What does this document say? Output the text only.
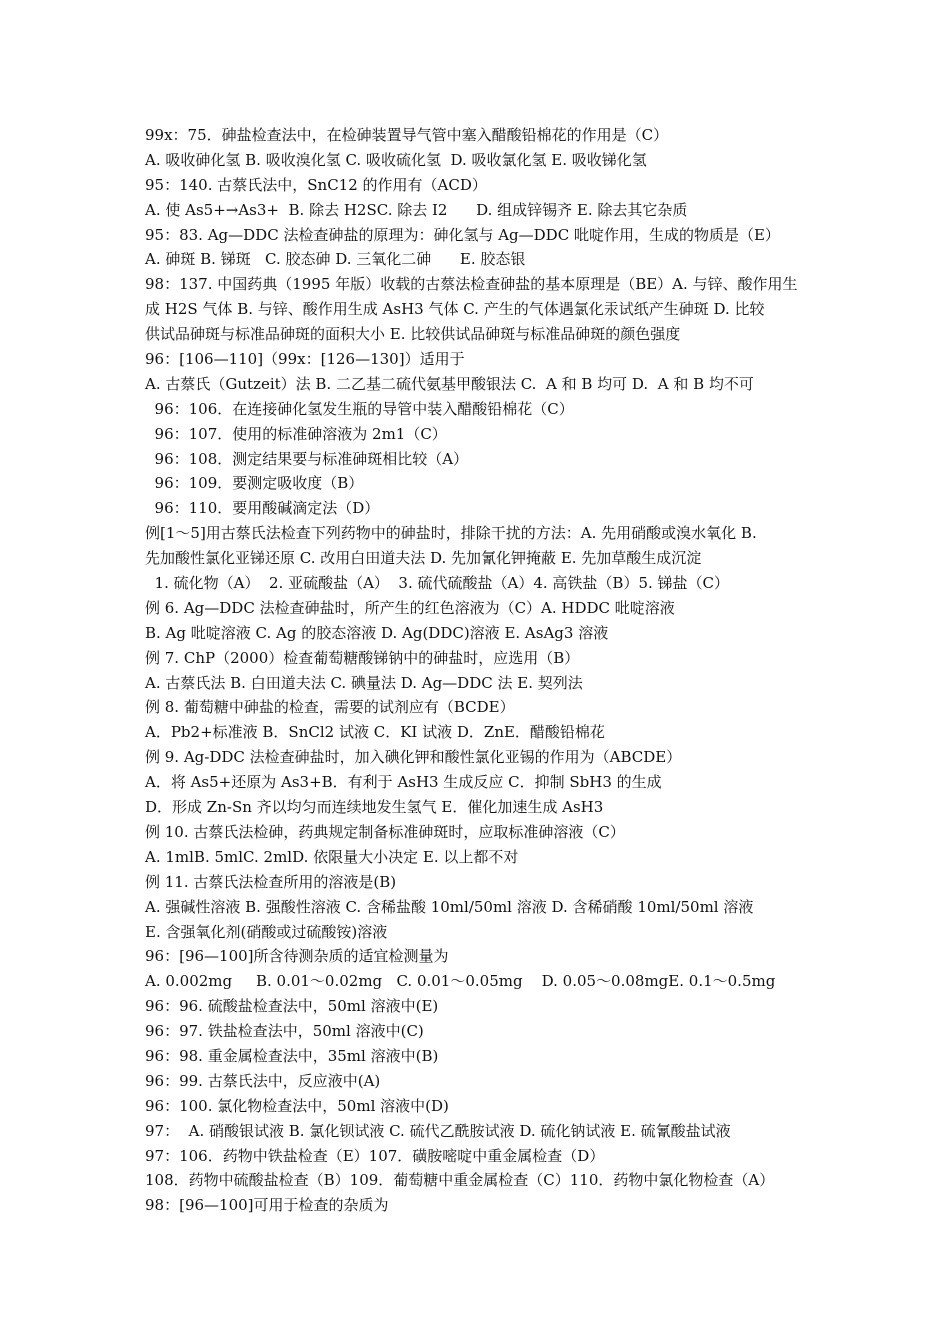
99x：75．砷盐检查法中，在检砷装置导气管中塞入醋酸铅棉花的作用是（C）
A. 吸收砷化氢 B. 吸收溴化氢 C. 吸收硫化氢  D. 吸收氯化氢 E. 吸收锑化氢
95：140. 古蔡氏法中，SnC12 的作用有（ACD）
A. 使 As5+→As3+  B. 除去 H2SC. 除去 I2      D. 组成锌锡齐 E. 除去其它杂质
95：83. Ag—DDC 法检查砷盐的原理为：砷化氢与 Ag—DDC 吡啶作用，生成的物质是（E）
A. 砷斑 B. 锑斑   C. 胶态砷 D. 三氧化二砷      E. 胶态银
98：137. 中国药典（1995 年版）收载的古蔡法检查砷盐的基本原理是（BE）A. 与锌、酸作用生
成 H2S 气体 B. 与锌、酸作用生成 AsH3 气体 C. 产生的气体遇氯化汞试纸产生砷斑 D. 比较
供试品砷斑与标准品砷斑的面积大小 E. 比较供试品砷斑与标准品砷斑的颜色强度
96：[106—110]（99x：[126—130]）适用于
A. 古蔡氏（Gutzeit）法 B. 二乙基二硫代氨基甲酸银法 C.  A 和 B 均可 D.  A 和 B 均不可
96：106．在连接砷化氢发生瓶的导管中装入醋酸铅棉花（C）
96：107．使用的标准砷溶液为 2m1（C）
96：108．测定结果要与标准砷斑相比较（A）
96：109．要测定吸收度（B）
96：110．要用酸碱滴定法（D）
例[1～5]用古蔡氏法检查下列药物中的砷盐时，排除干扰的方法：A. 先用硝酸或溴水氧化 B.
先加酸性氯化亚锑还原 C. 改用白田道夫法 D. 先加氰化钾掩蔽 E. 先加草酸生成沉淀
1. 硫化物（A）  2. 亚硫酸盐（A）  3. 硫代硫酸盐（A）4. 高铁盐（B）5. 锑盐（C）
例 6. Ag—DDC 法检查砷盐时，所产生的红色溶液为（C）A. HDDC 吡啶溶液
B. Ag 吡啶溶液 C. Ag 的胶态溶液 D. Ag(DDC)溶液 E. AsAg3 溶液
例 7. ChP（2000）检查葡萄糖酸锑钠中的砷盐时，应选用（B）
A. 古蔡氏法 B. 白田道夫法 C. 碘量法 D. Ag—DDC 法 E. 契列法
例 8. 葡萄糖中砷盐的检查，需要的试剂应有（BCDE）
A．Pb2+标准液 B．SnCl2 试液 C．KI 试液 D．ZnE．醋酸铅棉花
例 9. Ag-DDC 法检查砷盐时，加入碘化钾和酸性氯化亚锡的作用为（ABCDE）
A．将 As5+还原为 As3+B．有利于 AsH3 生成反应 C．抑制 SbH3 的生成
D．形成 Zn-Sn 齐以均匀而连续地发生氢气 E．催化加速生成 AsH3
例 10. 古蔡氏法检砷，药典规定制备标准砷斑时，应取标准砷溶液（C）
A. 1mlB. 5mlC. 2mlD. 依限量大小决定 E. 以上都不对
例 11. 古蔡氏法检查所用的溶液是(B)
A. 强碱性溶液 B. 强酸性溶液 C. 含稀盐酸 10ml/50ml 溶液 D. 含稀硝酸 10ml/50ml 溶液
E. 含强氧化剂(硝酸或过硫酸铵)溶液
96：[96—100]所含待测杂质的适宜检测量为
A. 0.002mg     B. 0.01～0.02mg   C. 0.01～0.05mg    D. 0.05～0.08mgE. 0.1～0.5mg
96：96. 硫酸盐检查法中，50ml 溶液中(E)
96：97. 铁盐检查法中，50ml 溶液中(C)
96：98. 重金属检查法中，35ml 溶液中(B)
96：99. 古蔡氏法中，反应液中(A)
96：100. 氯化物检查法中，50ml 溶液中(D)
97：  A. 硝酸银试液 B. 氯化钡试液 C. 硫代乙酰胺试液 D. 硫化钠试液 E. 硫氰酸盐试液
97：106．药物中铁盐检查（E）107．磺胺嘧啶中重金属检查（D）
108．药物中硫酸盐检查（B）109．葡萄糖中重金属检查（C）110．药物中氯化物检查（A）
98：[96—100]可用于检查的杂质为
